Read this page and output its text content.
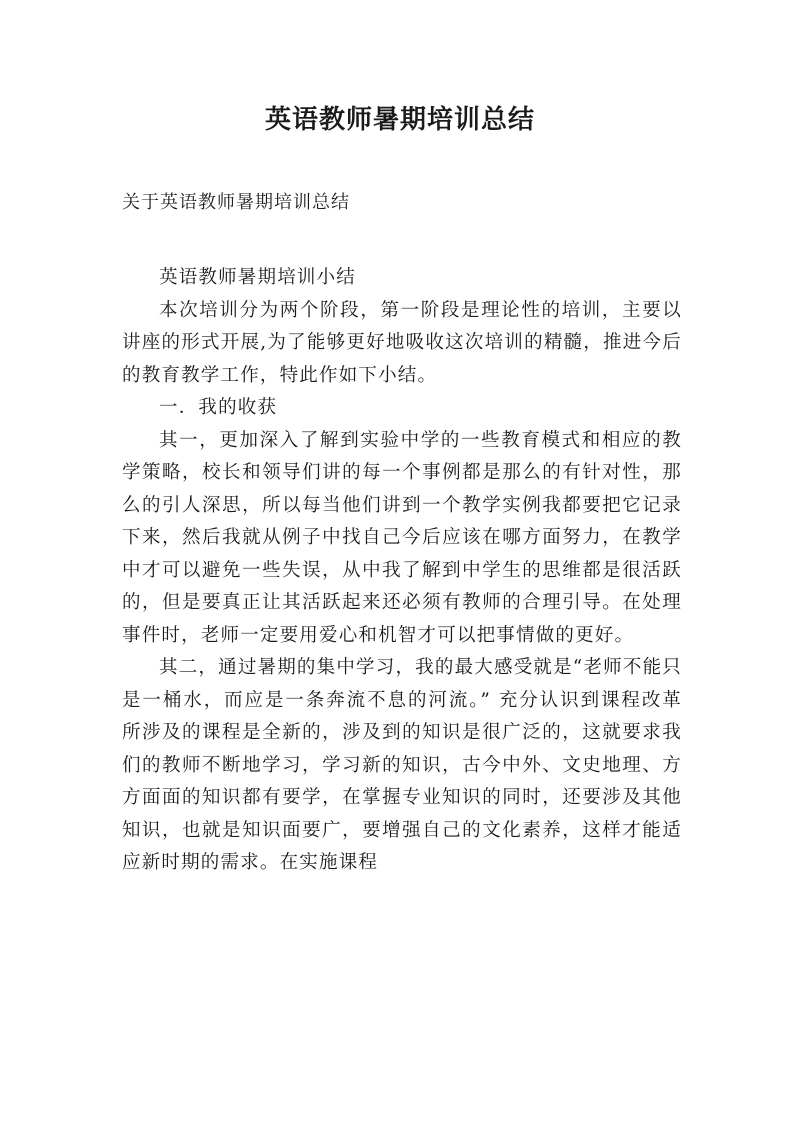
英语教师暑期培训总结

关于英语教师暑期培训总结

英语教师暑期培训小结

本次培训分为两个阶段，第一阶段是理论性的培训，主要以讲座的形式开展,为了能够更好地吸收这次培训的精髓，推进今后的教育教学工作，特此作如下小结。

一．我的收获

其一，更加深入了解到实验中学的一些教育模式和相应的教学策略，校长和领导们讲的每一个事例都是那么的有针对性，那么的引人深思，所以每当他们讲到一个教学实例我都要把它记录下来，然后我就从例子中找自己今后应该在哪方面努力，在教学中才可以避免一些失误，从中我了解到中学生的思维都是很活跃的，但是要真正让其活跃起来还必须有教师的合理引导。在处理事件时，老师一定要用爱心和机智才可以把事情做的更好。

其二，通过暑期的集中学习，我的最大感受就是“老师不能只是一桶水，而应是一条奔流不息的河流。” 充分认识到课程改革所涉及的课程是全新的，涉及到的知识是很广泛的，这就要求我们的教师不断地学习，学习新的知识，古今中外、文史地理、方方面面的知识都有要学，在掌握专业知识的同时，还要涉及其他知识，也就是知识面要广，要增强自己的文化素养，这样才能适应新时期的需求。在实施课程
